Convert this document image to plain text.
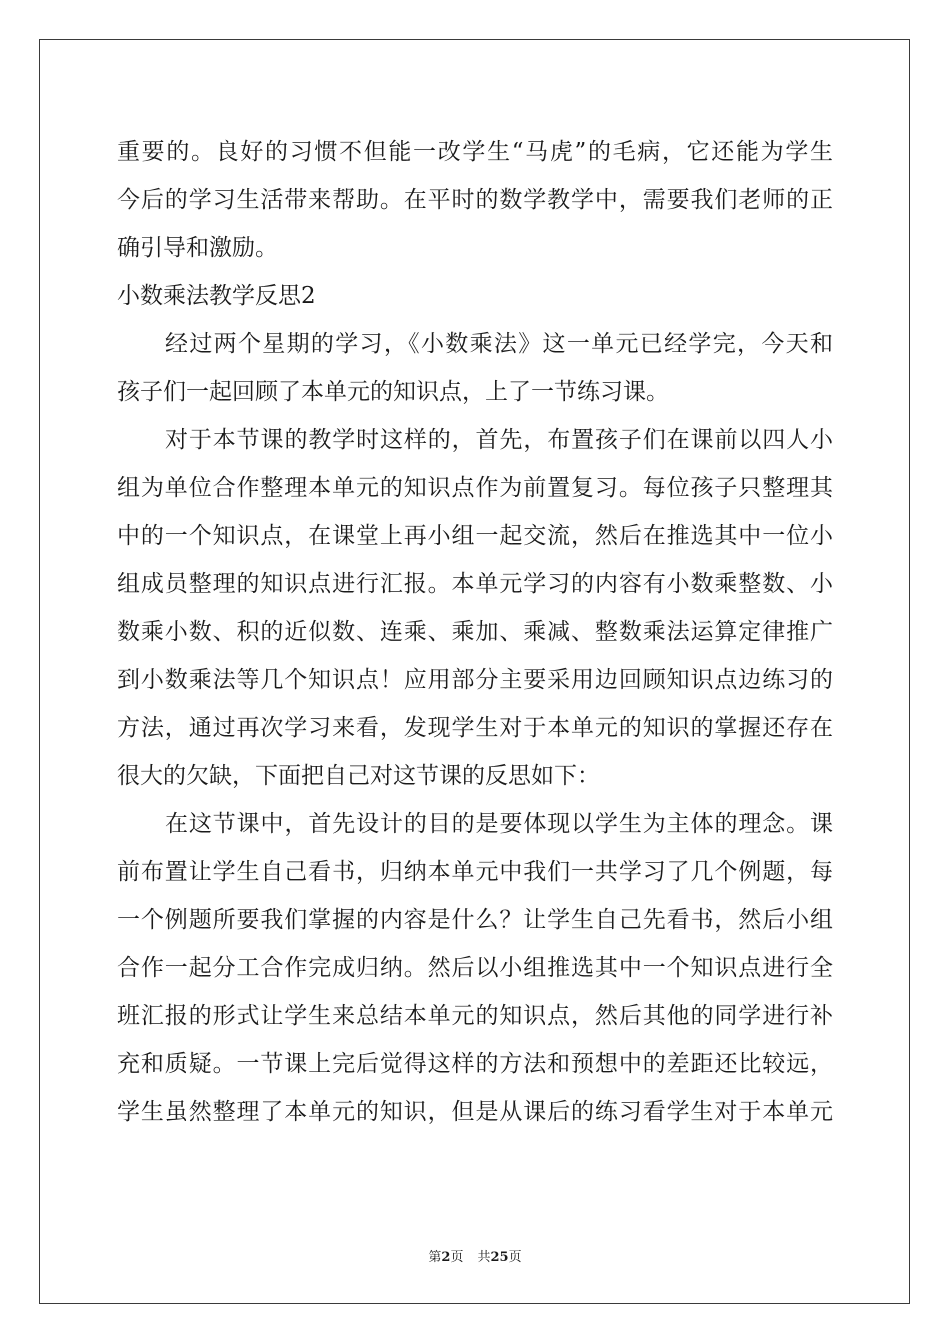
重要的。良好的习惯不但能一改学生“马虎”的毛病，它还能为学生

今后的学习生活带来帮助。在平时的数学教学中，需要我们老师的正

确引导和激励。

小数乘法教学反思2

经过两个星期的学习，《小数乘法》这一单元已经学完，今天和

孩子们一起回顾了本单元的知识点，上了一节练习课。

对于本节课的教学时这样的，首先，布置孩子们在课前以四人小

组为单位合作整理本单元的知识点作为前置复习。每位孩子只整理其

中的一个知识点，在课堂上再小组一起交流，然后在推选其中一位小

组成员整理的知识点进行汇报。本单元学习的内容有小数乘整数、小

数乘小数、积的近似数、连乘、乘加、乘减、整数乘法运算定律推广

到小数乘法等几个知识点！应用部分主要采用边回顾知识点边练习的

方法，通过再次学习来看，发现学生对于本单元的知识的掌握还存在

很大的欠缺，下面把自己对这节课的反思如下：

在这节课中，首先设计的目的是要体现以学生为主体的理念。课

前布置让学生自己看书，归纳本单元中我们一共学习了几个例题，每

一个例题所要我们掌握的内容是什么？让学生自己先看书，然后小组

合作一起分工合作完成归纳。然后以小组推选其中一个知识点进行全

班汇报的形式让学生来总结本单元的知识点，然后其他的同学进行补

充和质疑。一节课上完后觉得这样的方法和预想中的差距还比较远，

学生虽然整理了本单元的知识，但是从课后的练习看学生对于本单元

第2页 共25页
